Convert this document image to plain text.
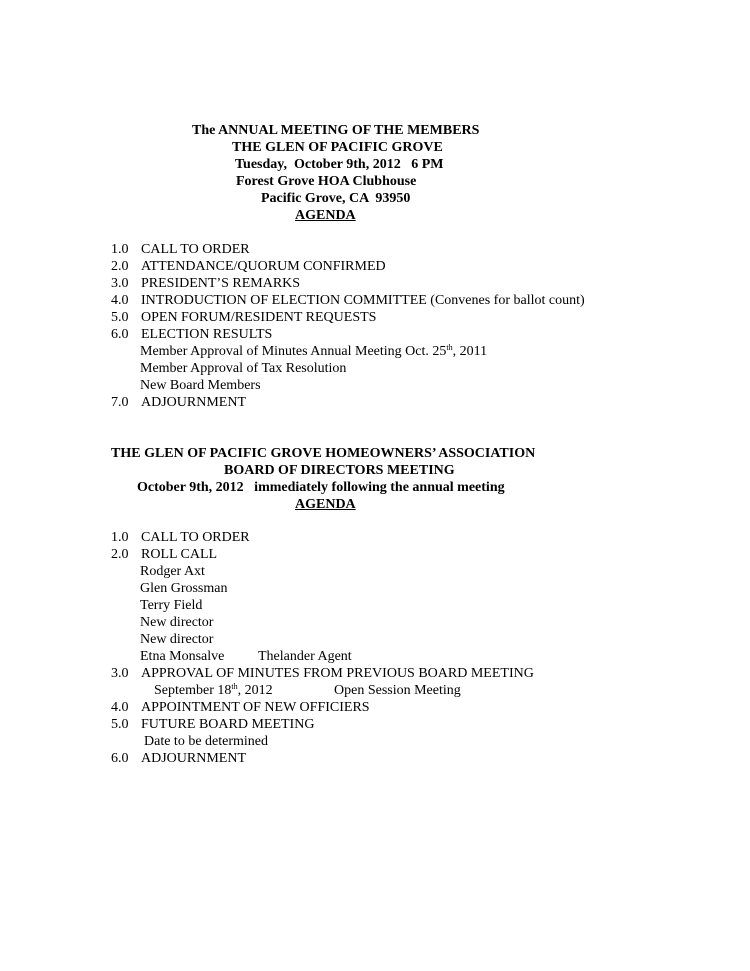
The ANNUAL MEETING OF THE MEMBERS
THE GLEN OF PACIFIC GROVE
Tuesday,  October 9th, 2012   6 PM
Forest Grove HOA Clubhouse
Pacific Grove, CA  93950
AGENDA
1.0 CALL TO ORDER
2.0 ATTENDANCE/QUORUM CONFIRMED
3.0 PRESIDENT’S REMARKS
4.0 INTRODUCTION OF ELECTION COMMITTEE (Convenes for ballot count)
5.0 OPEN FORUM/RESIDENT REQUESTS
6.0 ELECTION RESULTS
Member Approval of Minutes Annual Meeting Oct. 25th, 2011
Member Approval of Tax Resolution
New Board Members
7.0 ADJOURNMENT
THE GLEN OF PACIFIC GROVE HOMEOWNERS’ ASSOCIATION
BOARD OF DIRECTORS MEETING
October 9th, 2012   immediately following the annual meeting
AGENDA
1.0 CALL TO ORDER
2.0 ROLL CALL
Rodger Axt
Glen Grossman
Terry Field
New director
New director
Etna Monsalve Thelander Agent
3.0 APPROVAL OF MINUTES FROM PREVIOUS BOARD MEETING
September 18th, 2012	Open Session Meeting
4.0 APPOINTMENT OF NEW OFFICIERS
5.0 FUTURE BOARD MEETING
Date to be determined
6.0 ADJOURNMENT
